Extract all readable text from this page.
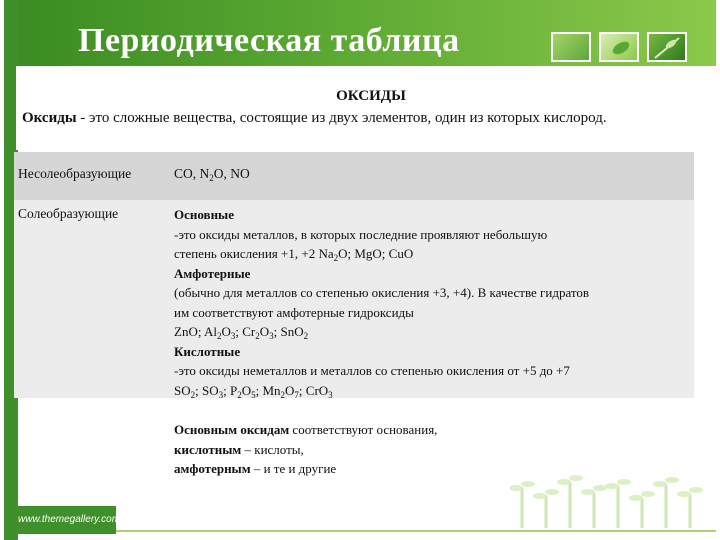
Периодическая таблица
ОКСИДЫ
Оксиды - это сложные вещества, состоящие из двух элементов, один из которых кислород.
Несолеобразующие	CO, $N_2O$, NO
Солеобразующие	Основные
-это оксиды металлов, в которых последние проявляют небольшую
степень окисления +1, +2 $Na_2O$; MgO; CuO
Амфотерные
(обычно для металлов со степенью окисления +3, +4). В качестве гидратов
им соответствуют амфотерные гидроксиды
ZnO; $Al_2O_3$; $Cr_2O_3$; SnO$_2$
Кислотные
-это оксиды неметаллов и металлов со степенью окисления от +5 до +7
$SO_2$; $SO_3$; $P_2O_5$; $Mn_2O_7$; CrO$_3$
Основным оксидам соответствуют основания,
кислотным – кислоты,
амфотерным – и те и другие
www.themegallery.com
